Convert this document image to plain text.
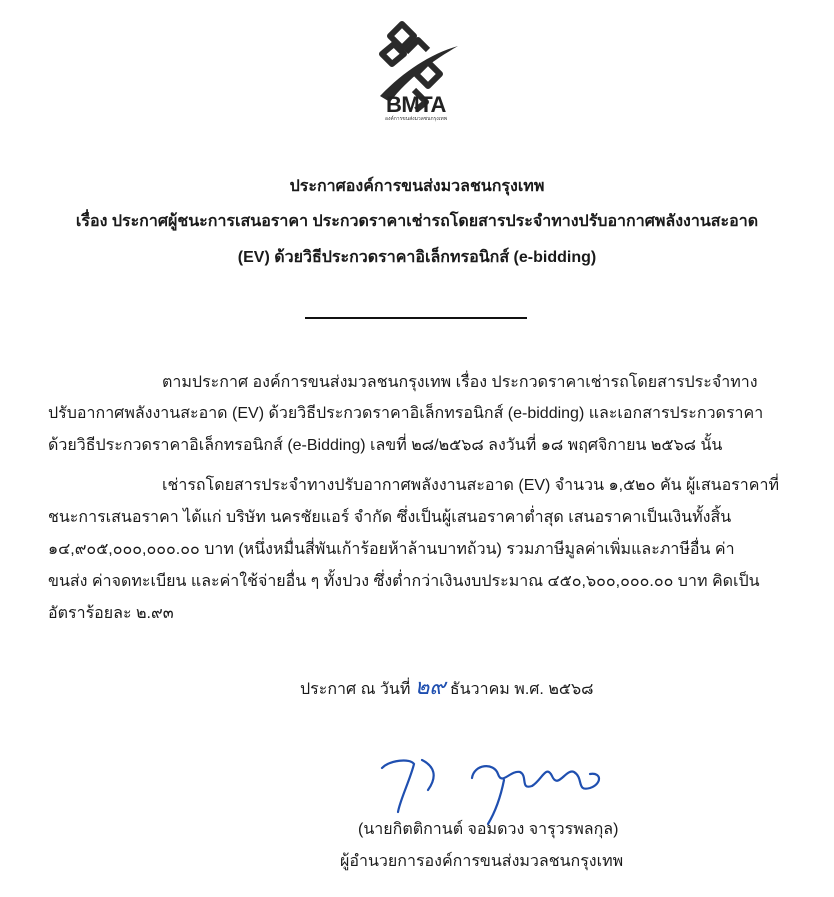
BMTA
องค์การขนส่งมวลชนกรุงเทพ
ประกาศองค์การขนส่งมวลชนกรุงเทพ
เรื่อง ประกาศผู้ชนะการเสนอราคา ประกวดราคาเช่ารถโดยสารประจำทางปรับอากาศพลังงานสะอาด
(EV) ด้วยวิธีประกวดราคาอิเล็กทรอนิกส์ (e-bidding)
ตามประกาศ องค์การขนส่งมวลชนกรุงเทพ เรื่อง ประกวดราคาเช่ารถโดยสารประจำทาง
ปรับอากาศพลังงานสะอาด (EV) ด้วยวิธีประกวดราคาอิเล็กทรอนิกส์ (e-bidding) และเอกสารประกวดราคา
ด้วยวิธีประกวดราคาอิเล็กทรอนิกส์ (e-Bidding) เลขที่ ๒๘/๒๕๖๘ ลงวันที่ ๑๘ พฤศจิกายน ๒๕๖๘ นั้น
เช่ารถโดยสารประจำทางปรับอากาศพลังงานสะอาด (EV) จำนวน ๑,๕๒๐ คัน ผู้เสนอราคาที่
ชนะการเสนอราคา ได้แก่ บริษัท นครชัยแอร์ จำกัด ซึ่งเป็นผู้เสนอราคาต่ำสุด เสนอราคาเป็นเงินทั้งสิ้น
๑๔,๙๐๕,๐๐๐,๐๐๐.๐๐ บาท (หนึ่งหมื่นสี่พันเก้าร้อยห้าล้านบาทถ้วน) รวมภาษีมูลค่าเพิ่มและภาษีอื่น ค่า
ขนส่ง ค่าจดทะเบียน และค่าใช้จ่ายอื่น ๆ ทั้งปวง ซึ่งต่ำกว่าเงินงบประมาณ ๔๕๐,๖๐๐,๐๐๐.๐๐ บาท คิดเป็น
อัตราร้อยละ ๒.๙๓
ประกาศ ณ วันที่ ๒๙ ธันวาคม พ.ศ. ๒๕๖๘
(นายกิตติกานต์ จอมดวง จารุวรพลกุล)
ผู้อำนวยการองค์การขนส่งมวลชนกรุงเทพ
